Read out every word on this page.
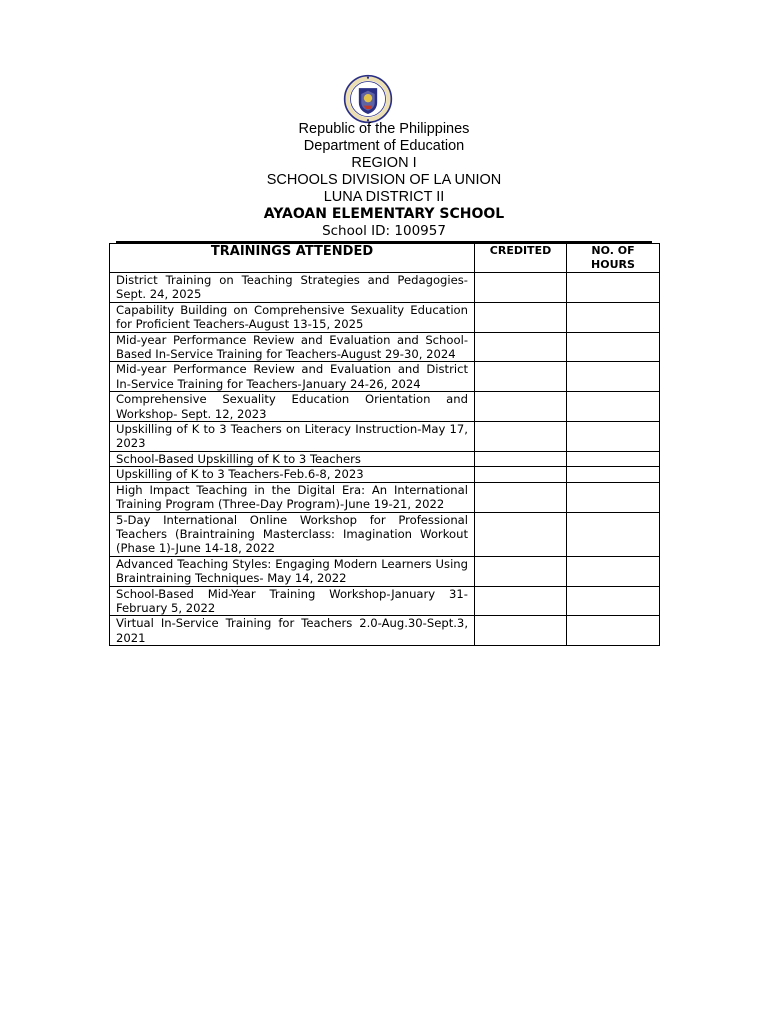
Republic of the Philippines
Department of Education
REGION I
SCHOOLS DIVISION OF LA UNION
LUNA DISTRICT II
AYAOAN ELEMENTARY SCHOOL
School ID: 100957
TRAININGS ATTENDED	CREDITED	NO. OF HOURS
District Training on Teaching Strategies and Pedagogies-Sept. 24, 2025		
Capability Building on Comprehensive Sexuality Education for Proficient Teachers-August 13-15, 2025		
Mid-year Performance Review and Evaluation and School-Based In-Service Training for Teachers-August 29-30, 2024		
Mid-year Performance Review and Evaluation and District In-Service Training for Teachers-January 24-26, 2024		
Comprehensive Sexuality Education Orientation and Workshop- Sept. 12, 2023		
Upskilling of K to 3 Teachers on Literacy Instruction-May 17, 2023		
School-Based Upskilling of K to 3 Teachers		
Upskilling of K to 3 Teachers-Feb.6-8, 2023		
High Impact Teaching in the Digital Era: An International Training Program (Three-Day Program)-June 19-21, 2022		
5-Day International Online Workshop for Professional Teachers (Braintraining Masterclass: Imagination Workout (Phase 1)-June 14-18, 2022		
Advanced Teaching Styles: Engaging Modern Learners Using Braintraining Techniques- May 14, 2022		
School-Based Mid-Year Training Workshop-January 31-February 5, 2022		
Virtual In-Service Training for Teachers 2.0-Aug.30-Sept.3, 2021		
